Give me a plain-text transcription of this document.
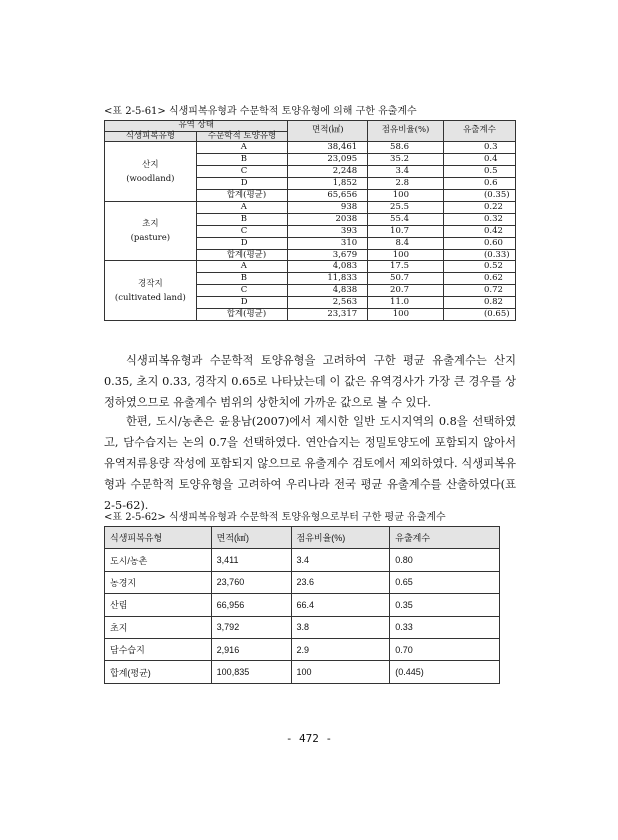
<표 2-5-61> 식생피복유형과 수문학적 토양유형에 의해 구한 유출계수
유역 상태		면적(㎢)	점유비율(%)	유출계수
식생피복유형	수문학적 토양유형			

산지
(woodland)	A	38,461	58.6	0.3
	B	23,095	35.2	0.4
	C	2,248	3.4	0.5
	D	1,852	2.8	0.6
	합계(평균)	65,656	100	(0.35)

초지
(pasture)	A	938	25.5	0.22
	B	2038	55.4	0.32
	C	393	10.7	0.42
	D	310	8.4	0.60
	합계(평균)	3,679	100	(0.33)

경작지
(cultivated land)	A	4,083	17.5	0.52
	B	11,833	50.7	0.62
	C	4,838	20.7	0.72
	D	2,563	11.0	0.82
	합계(평균)	23,317	100	(0.65)

식생피복유형과 수문학적 토양유형을 고려하여 구한 평균 유출계수는 산지 0.35, 초지 0.33, 경작지 0.65로 나타났는데 이 값은 유역경사가 가장 큰 경우를 상정하였으므로 유출계수 범위의 상한치에 가까운 값으로 볼 수 있다.

한편, 도시/농촌은 윤용남(2007)에서 제시한 일반 도시지역의 0.8을 선택하였고, 담수습지는 논의 0.7을 선택하였다. 연안습지는 정밀토양도에 포함되지 않아서 유역저류용량 작성에 포함되지 않으므로 유출계수 검토에서 제외하였다. 식생피복유형과 수문학적 토양유형을 고려하여 우리나라 전국 평균 유출계수를 산출하였다(표 2-5-62).

<표 2-5-62> 식생피복유형과 수문학적 토양유형으로부터 구한 평균 유출계수
식생피복유형	면적(㎢)	점유비율(%)	유출계수
도시/농촌	3,411	3.4	0.80
농경지	23,760	23.6	0.65
산림	66,956	66.4	0.35
초지	3,792	3.8	0.33
담수습지	2,916	2.9	0.70
합계(평균)	100,835	100	(0.445)
- 472 -
